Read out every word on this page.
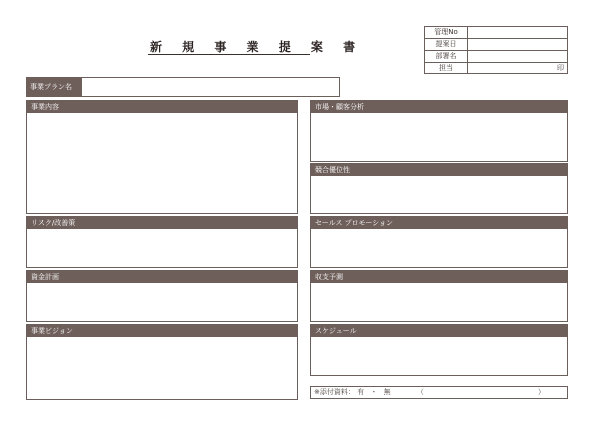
新 規 事 業 提 案 書
管理No
提案日
部署名
担当	印
事業プラン名
事業内容
リスク/改善策
資金計画
事業ビジョン
市場・顧客分析
競合優位性
セールス プロモーション
収支予測
スケジュール
※添付資料： 有 ・ 無	（	）
